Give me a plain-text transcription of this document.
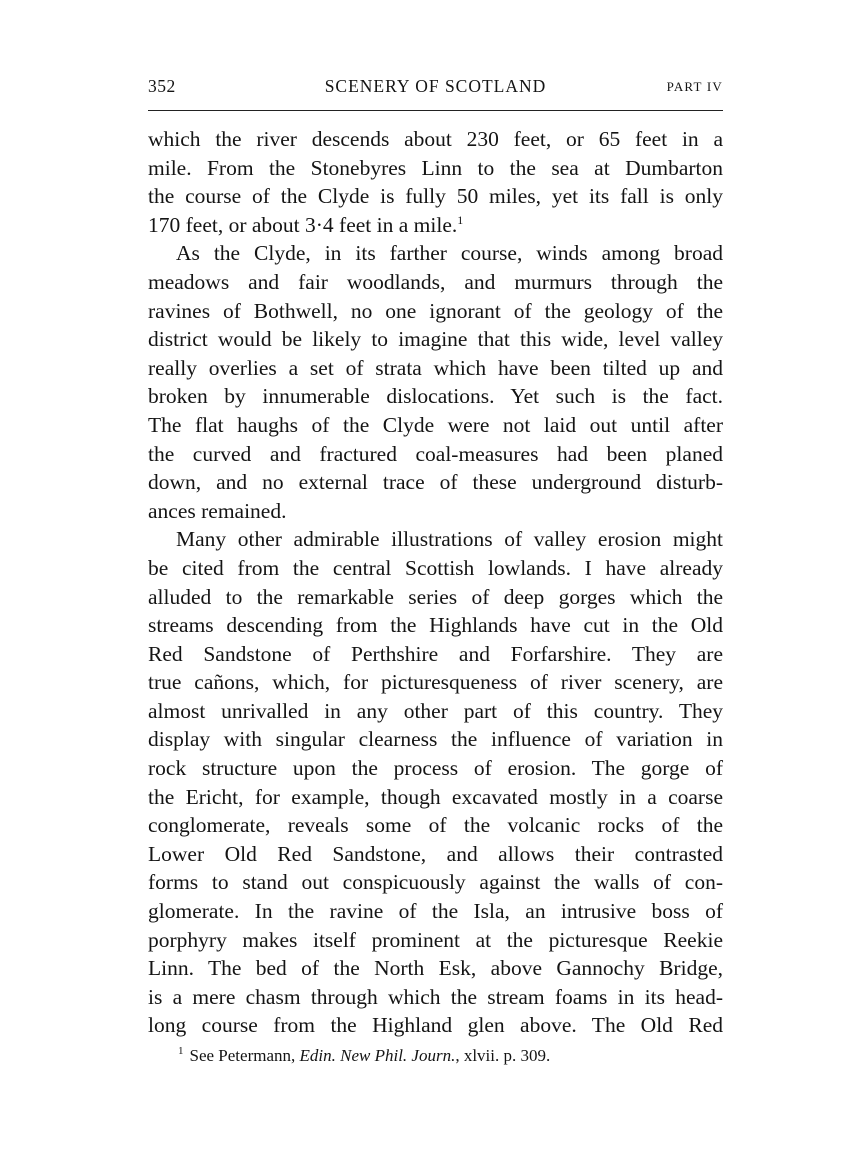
352	SCENERY OF SCOTLAND	PART IV

which the river descends about 230 feet, or 65 feet in a
mile. From the Stonebyres Linn to the sea at Dumbarton
the course of the Clyde is fully 50 miles, yet its fall is only
170 feet, or about 3·4 feet in a mile.$^1$

As the Clyde, in its farther course, winds among broad
meadows and fair woodlands, and murmurs through the
ravines of Bothwell, no one ignorant of the geology of the
district would be likely to imagine that this wide, level valley
really overlies a set of strata which have been tilted up and
broken by innumerable dislocations. Yet such is the fact.
The flat haughs of the Clyde were not laid out until after
the curved and fractured coal-measures had been planed
down, and no external trace of these underground disturb-
ances remained.

Many other admirable illustrations of valley erosion might
be cited from the central Scottish lowlands. I have already
alluded to the remarkable series of deep gorges which the
streams descending from the Highlands have cut in the Old
Red Sandstone of Perthshire and Forfarshire. They are
true cañons, which, for picturesqueness of river scenery, are
almost unrivalled in any other part of this country. They
display with singular clearness the influence of variation in
rock structure upon the process of erosion. The gorge of
the Ericht, for example, though excavated mostly in a coarse
conglomerate, reveals some of the volcanic rocks of the
Lower Old Red Sandstone, and allows their contrasted
forms to stand out conspicuously against the walls of con-
glomerate. In the ravine of the Isla, an intrusive boss of
porphyry makes itself prominent at the picturesque Reekie
Linn. The bed of the North Esk, above Gannochy Bridge,
is a mere chasm through which the stream foams in its head-
long course from the Highland glen above. The Old Red

$^1$ See Petermann, Edin. New Phil. Journ., xlvii. p. 309.
